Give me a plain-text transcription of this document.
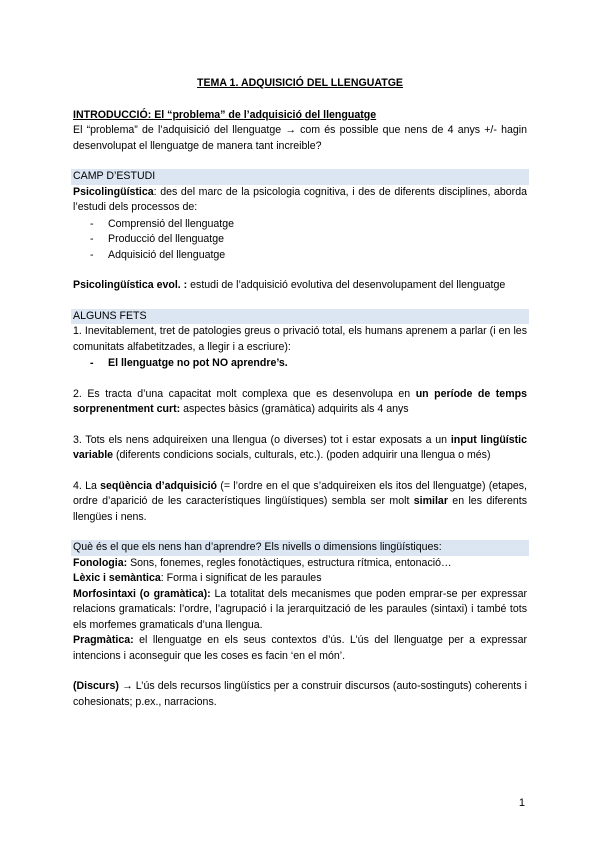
TEMA 1. ADQUISICIÓ DEL LLENGUATGE
INTRODUCCIÓ: El “problema” de l’adquisició del llenguatge
El “problema” de l’adquisició del llenguatge → com és possible que nens de 4 anys +/- hagin desenvolupat el llenguatge de manera tant increible?
CAMP D’ESTUDI
Psicolingüística: des del marc de la psicologia cognitiva, i des de diferents disciplines, aborda l’estudi dels processos de:
- Comprensió del llenguatge
- Producció del llenguatge
- Adquisició del llenguatge
Psicolingüística evol. : estudi de l’adquisició evolutiva del desenvolupament del llenguatge
ALGUNS FETS
1. Inevitablement, tret de patologies greus o privació total, els humans aprenem a parlar (i en les comunitats alfabetitzades, a llegir i a escriure):
- El llenguatge no pot NO aprendre’s.
2. Es tracta d’una capacitat molt complexa que es desenvolupa en un període de temps sorprenentment curt: aspectes bàsics (gramàtica) adquirits als 4 anys
3. Tots els nens adquireixen una llengua (o diverses) tot i estar exposats a un input lingüístic variable (diferents condicions socials, culturals, etc.). (poden adquirir una llengua o més)
4. La seqüència d’adquisició (= l’ordre en el que s’adquireixen els itos del llenguatge) (etapes, ordre d’aparició de les característiques lingüístiques) sembla ser molt similar en les diferents llengües i nens.
Què és el que els nens han d’aprendre? Els nivells o dimensions lingüístiques:
Fonologia: Sons, fonemes, regles fonotàctiques, estructura rítmica, entonació…
Lèxic i semàntica: Forma i significat de les paraules
Morfosintaxi (o gramàtica): La totalitat dels mecanismes que poden emprar-se per expressar relacions gramaticals: l’ordre, l’agrupació i la jerarquització de les paraules (sintaxi) i també tots els morfemes gramaticals d’una llengua.
Pragmàtica: el llenguatge en els seus contextos d’ús. L’ús del llenguatge per a expressar intencions i aconseguir que les coses es facin ‘en el món’.
(Discurs) → L’ús dels recursos lingüístics per a construir discursos (auto-sostinguts) coherents i cohesionats; p.ex., narracions.
1
